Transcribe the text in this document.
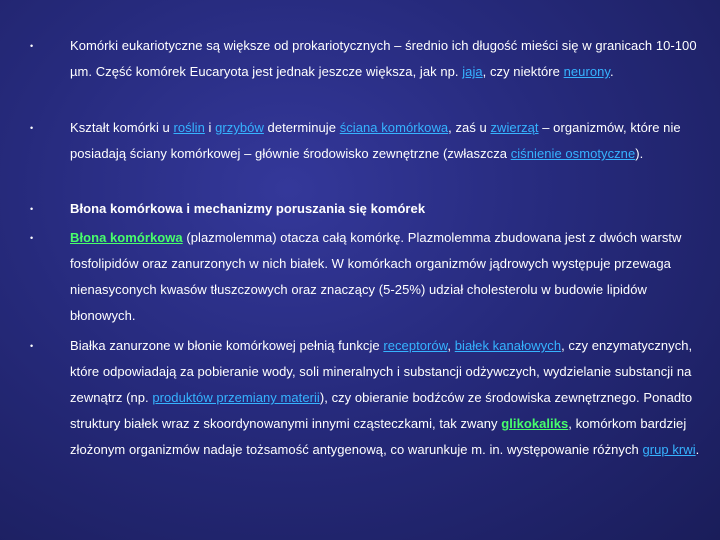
•	Komórki eukariotyczne są większe od prokariotycznych – średnio ich długość mieści się w granicach 10-100 µm. Część komórek Eucaryota jest jednak jeszcze większa, jak np. jaja, czy niektóre neurony.
•	Kształt komórki u roślin i grzybów determinuje ściana komórkowa, zaś u zwierząt – organizmów, które nie posiadają ściany komórkowej – głównie środowisko zewnętrzne (zwłaszcza ciśnienie osmotyczne).
•	Błona komórkowa i mechanizmy poruszania się komórek
•	Błona komórkowa (plazmolemma) otacza całą komórkę. Plazmolemma zbudowana jest z dwóch warstw fosfolipidów oraz zanurzonych w nich białek. W komórkach organizmów jądrowych występuje przewaga nienasyconych kwasów tłuszczowych oraz znaczący (5-25%) udział cholesterolu w budowie lipidów błonowych.
•	Białka zanurzone w błonie komórkowej pełnią funkcje receptorów, białek kanałowych, czy enzymatycznych, które odpowiadają za pobieranie wody, soli mineralnych i substancji odżywczych, wydzielanie substancji na zewnątrz (np. produktów przemiany materii), czy obieranie bodźców ze środowiska zewnętrznego. Ponadto struktury białek wraz z skoordynowanymi innymi cząsteczkami, tak zwany glikokaliks, komórkom bardziej złożonym organizmów nadaje tożsamość antygenową, co warunkuje m. in. występowanie różnych grup krwi.
